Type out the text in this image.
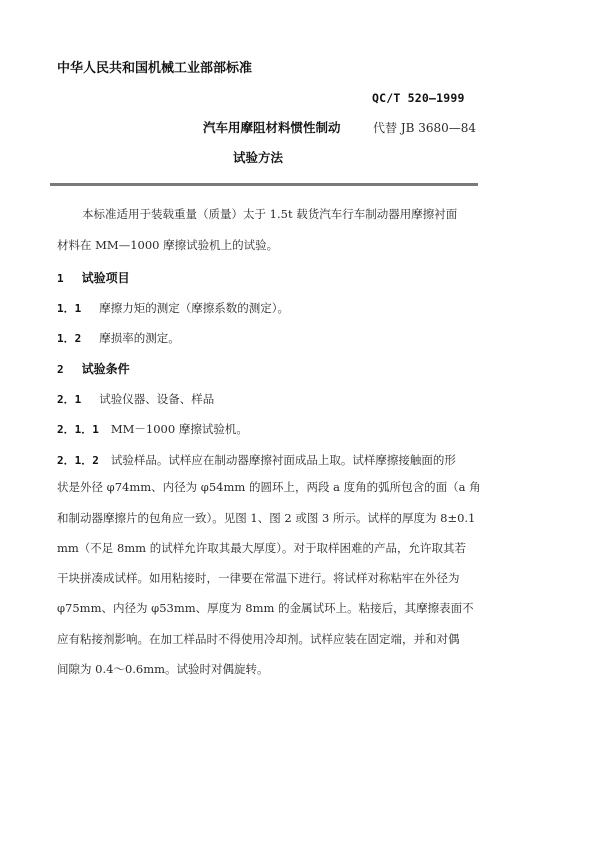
中华人民共和国机械工业部部标准
QC/T 520—1999
汽车用摩阻材料惯性制动
试验方法
代替 JB 3680—84
本标准适用于装载重量（质量）太于 1.5t 载货汽车行车制动器用摩擦衬面
材料在 MM—1000 摩擦试验机上的试验。
1 试验项目
1．1 摩擦力矩的测定（摩擦系数的测定）。
1．2 摩损率的测定。
2 试验条件
2．1 试验仪器、设备、样品
2．1．1 MM－1000 摩擦试验机。
2．1．2 试验样品。试样应在制动器摩擦衬面成品上取。试样摩擦接触面的形
状是外径 φ74mm、内径为 φ54mm 的圆环上，两段 a 度角的弧所包含的面（a 角
和制动器摩擦片的包角应一致）。见图 1、图 2 或图 3 所示。试样的厚度为 8±0.1
mm（不足 8mm 的试样允许取其最大厚度）。对于取样困难的产品，允许取其若
干块拼凑成试样。如用粘接时，一律要在常温下进行。将试样对称粘牢在外径为
φ75mm、内径为 φ53mm、厚度为 8mm 的金属试环上。粘接后，其摩擦表面不
应有粘接剂影响。在加工样品时不得使用冷却剂。试样应装在固定端，并和对偶
间隙为 0.4～0.6mm。试验时对偶旋转。
